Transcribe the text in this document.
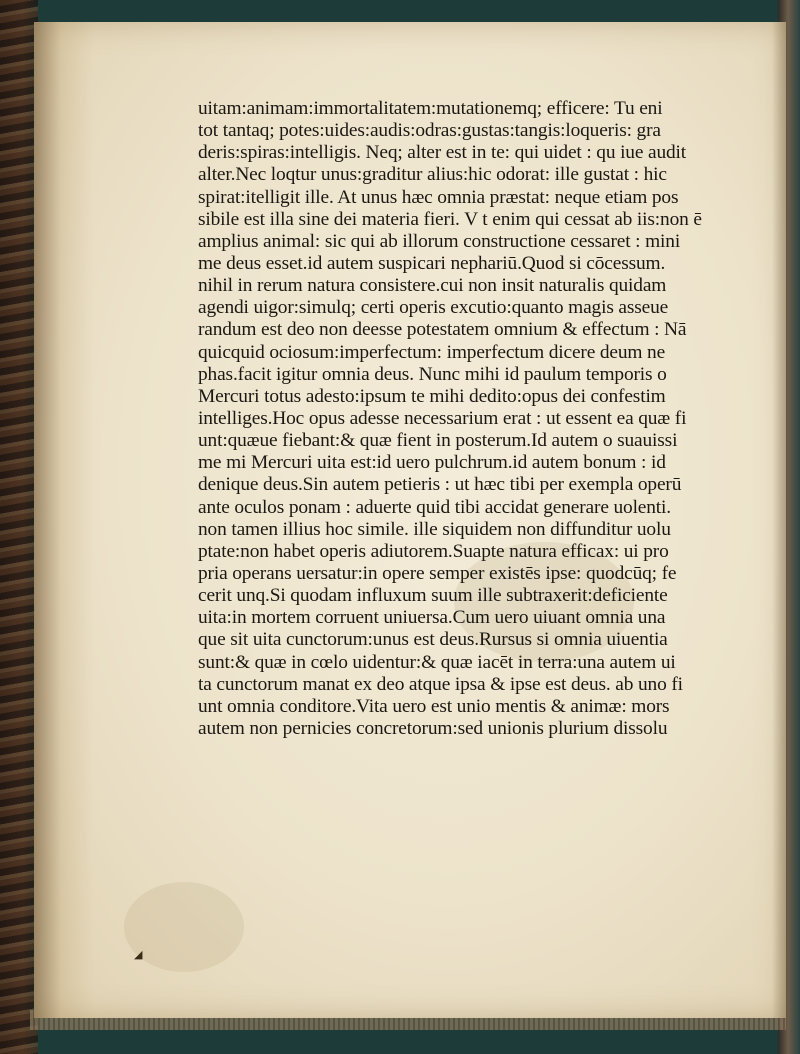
◢
uitam:animam:immortalitatem:mutationemq; efficere: Tu eni
tot tantaq; potes:uides:audis:odras:gustas:tangis:loqueris: gra
deris:spiras:intelligis. Neq; alter est in te: qui uidet : qu iue audit
alter.Nec loqtur unus:graditur alius:hic odorat: ille gustat : hic
spirat:itelligit ille. At unus hæc omnia præstat: neque etiam pos
sibile est illa sine dei materia fieri. V t enim qui cessat ab iis:non ē
amplius animal: sic qui ab illorum constructione cessaret : mini
me deus esset.id autem suspicari nephariū.Quod si cōcessum.
nihil in rerum natura consistere.cui non insit naturalis quidam
agendi uigor:simulq; certi operis excutio:quanto magis asseue
randum est deo non deesse potestatem omnium & effectum : Nā
quicquid ociosum:imperfectum: imperfectum dicere deum ne
phas.facit igitur omnia deus. Nunc mihi id paulum temporis o
Mercuri totus adesto:ipsum te mihi dedito:opus dei confestim
intelliges.Hoc opus adesse necessarium erat : ut essent ea quæ fi
unt:quæue fiebant:& quæ fient in posterum.Id autem o suauissi
me mi Mercuri uita est:id uero pulchrum.id autem bonum : id
denique deus.Sin autem petieris : ut hæc tibi per exempla operū
ante oculos ponam : aduerte quid tibi accidat generare uolenti.
non tamen illius hoc simile. ille siquidem non diffunditur uolu
ptate:non habet operis adiutorem.Suapte natura efficax: ui pro
pria operans uersatur:in opere semper existēs ipse: quodcūq; fe
cerit unq.Si quodam influxum suum ille subtraxerit:deficiente
uita:in mortem corruent uniuersa.Cum uero uiuant omnia una
que sit uita cunctorum:unus est deus.Rursus si omnia uiuentia
sunt:& quæ in cœlo uidentur:& quæ iacēt in terra:una autem ui
ta cunctorum manat ex deo atque ipsa & ipse est deus. ab uno fi
unt omnia conditore.Vita uero est unio mentis & animæ: mors
autem non pernicies concretorum:sed unionis plurium dissolu
